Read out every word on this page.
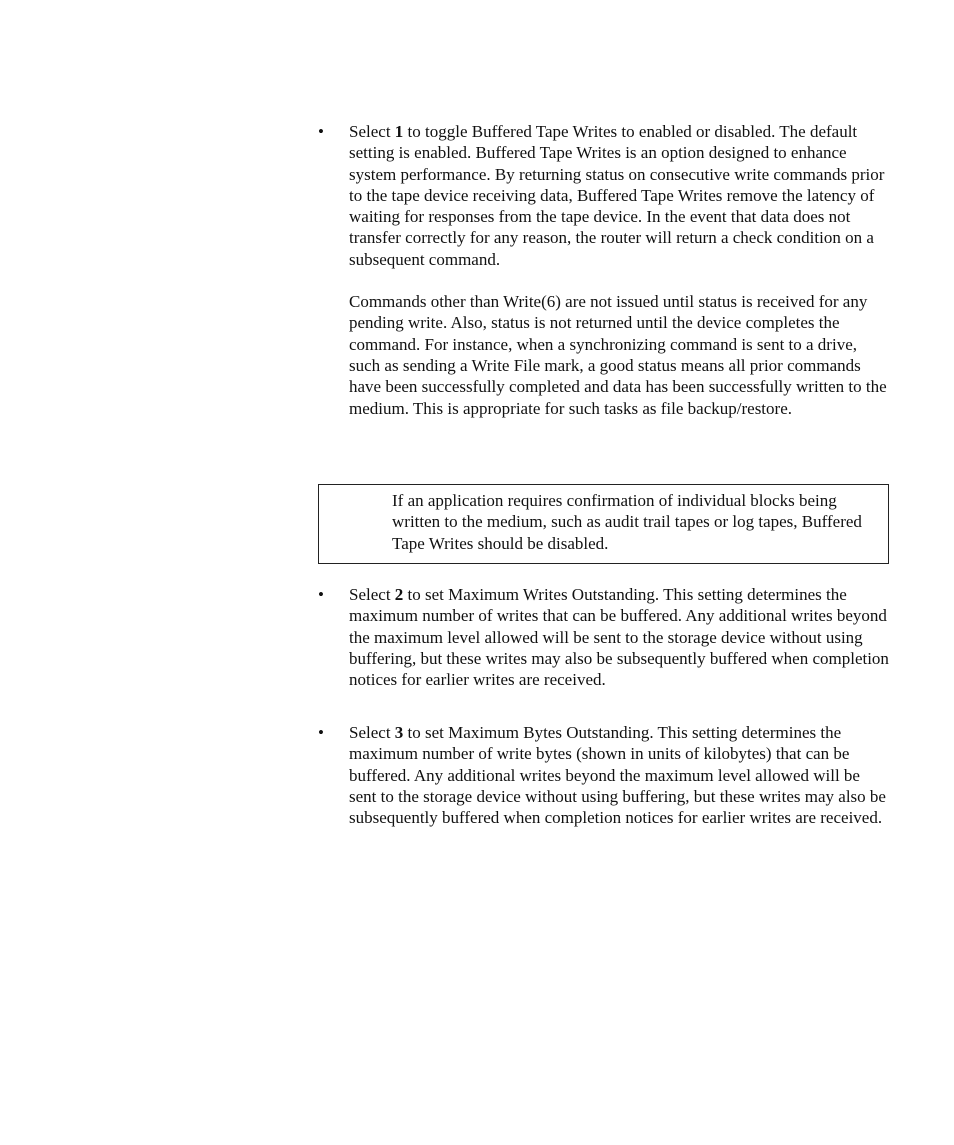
•	Select 1 to toggle Buffered Tape Writes to enabled or disabled. The default setting is enabled. Buffered Tape Writes is an option designed to enhance system performance. By returning status on consecutive write commands prior to the tape device receiving data, Buffered Tape Writes remove the latency of waiting for responses from the tape device. In the event that data does not transfer correctly for any reason, the router will return a check condition on a subsequent command.

Commands other than Write(6) are not issued until status is received for any pending write. Also, status is not returned until the device completes the command. For instance, when a synchronizing command is sent to a drive, such as sending a Write File mark, a good status means all prior commands have been successfully completed and data has been successfully written to the medium. This is appropriate for such tasks as file backup/restore.

If an application requires confirmation of individual blocks being written to the medium, such as audit trail tapes or log tapes, Buffered Tape Writes should be disabled.

•	Select 2 to set Maximum Writes Outstanding. This setting determines the maximum number of writes that can be buffered. Any additional writes beyond the maximum level allowed will be sent to the storage device without using buffering, but these writes may also be subsequently buffered when completion notices for earlier writes are received.

•	Select 3 to set Maximum Bytes Outstanding. This setting determines the maximum number of write bytes (shown in units of kilobytes) that can be buffered. Any additional writes beyond the maximum level allowed will be sent to the storage device without using buffering, but these writes may also be subsequently buffered when completion notices for earlier writes are received.
